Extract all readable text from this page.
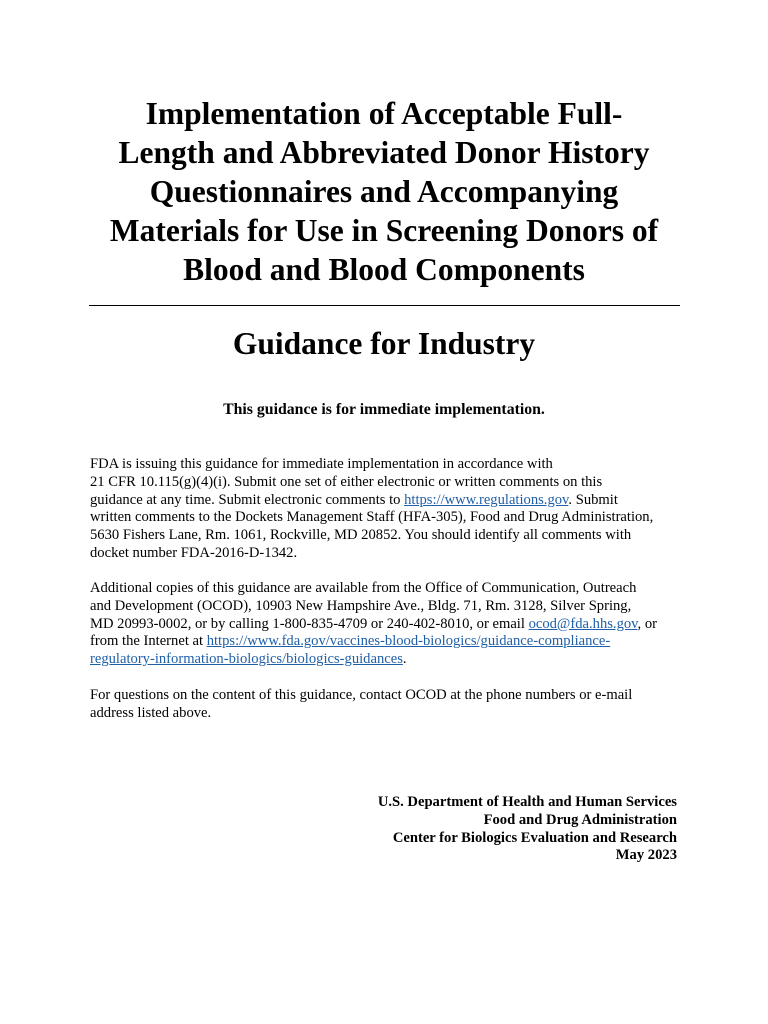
Implementation of Acceptable Full-
Length and Abbreviated Donor History
Questionnaires and Accompanying
Materials for Use in Screening Donors of
Blood and Blood Components
Guidance for Industry

This guidance is for immediate implementation.

FDA is issuing this guidance for immediate implementation in accordance with
21 CFR 10.115(g)(4)(i). Submit one set of either electronic or written comments on this
guidance at any time. Submit electronic comments to https://www.regulations.gov. Submit
written comments to the Dockets Management Staff (HFA-305), Food and Drug Administration,
5630 Fishers Lane, Rm. 1061, Rockville, MD 20852. You should identify all comments with
docket number FDA-2016-D-1342.

Additional copies of this guidance are available from the Office of Communication, Outreach
and Development (OCOD), 10903 New Hampshire Ave., Bldg. 71, Rm. 3128, Silver Spring,
MD 20993-0002, or by calling 1-800-835-4709 or 240-402-8010, or email ocod@fda.hhs.gov, or
from the Internet at https://www.fda.gov/vaccines-blood-biologics/guidance-compliance-
regulatory-information-biologics/biologics-guidances.

For questions on the content of this guidance, contact OCOD at the phone numbers or e-mail
address listed above.

U.S. Department of Health and Human Services
Food and Drug Administration
Center for Biologics Evaluation and Research
May 2023
